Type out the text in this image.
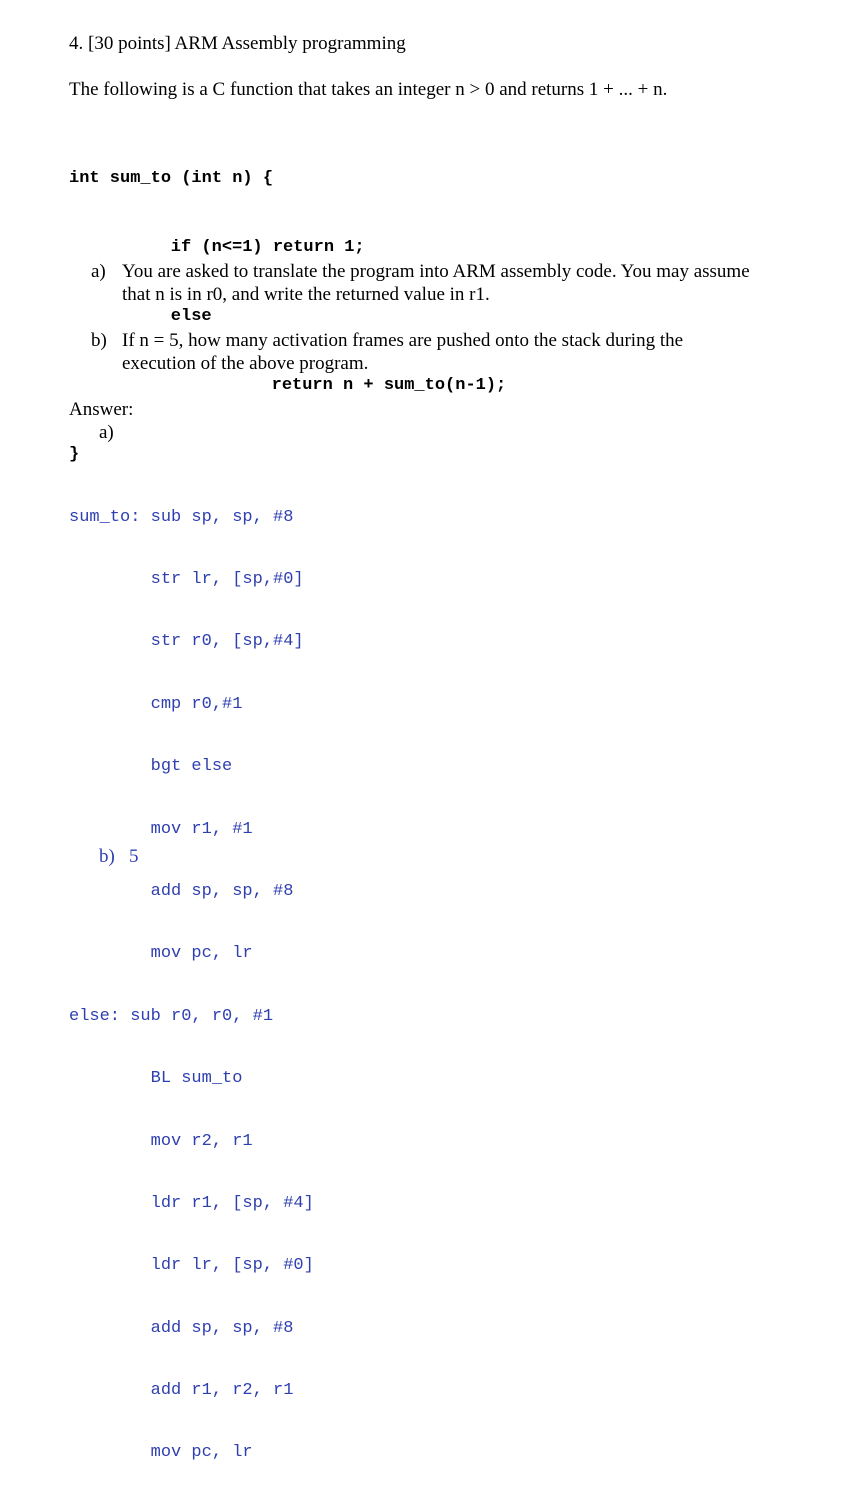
4. [30 points] ARM Assembly programming
The following is a C function that takes an integer n > 0 and returns 1 + ... + n.

int sum_to (int n) {

if (n<=1) return 1;

else

return n + sum_to(n-1);

}

a) You are asked to translate the program into ARM assembly code. You may assume
that n is in r0, and write the returned value in r1.
b) If n = 5, how many activation frames are pushed onto the stack during the
execution of the above program.
Answer:
a)

sum_to: sub sp, sp, #8

str lr, [sp,#0]

str r0, [sp,#4]

cmp r0,#1

bgt else

mov r1, #1

add sp, sp, #8

mov pc, lr

else: sub r0, r0, #1

BL sum_to

mov r2, r1

ldr r1, [sp, #4]

ldr lr, [sp, #0]

add sp, sp, #8

add r1, r2, r1

mov pc, lr

b) 5
